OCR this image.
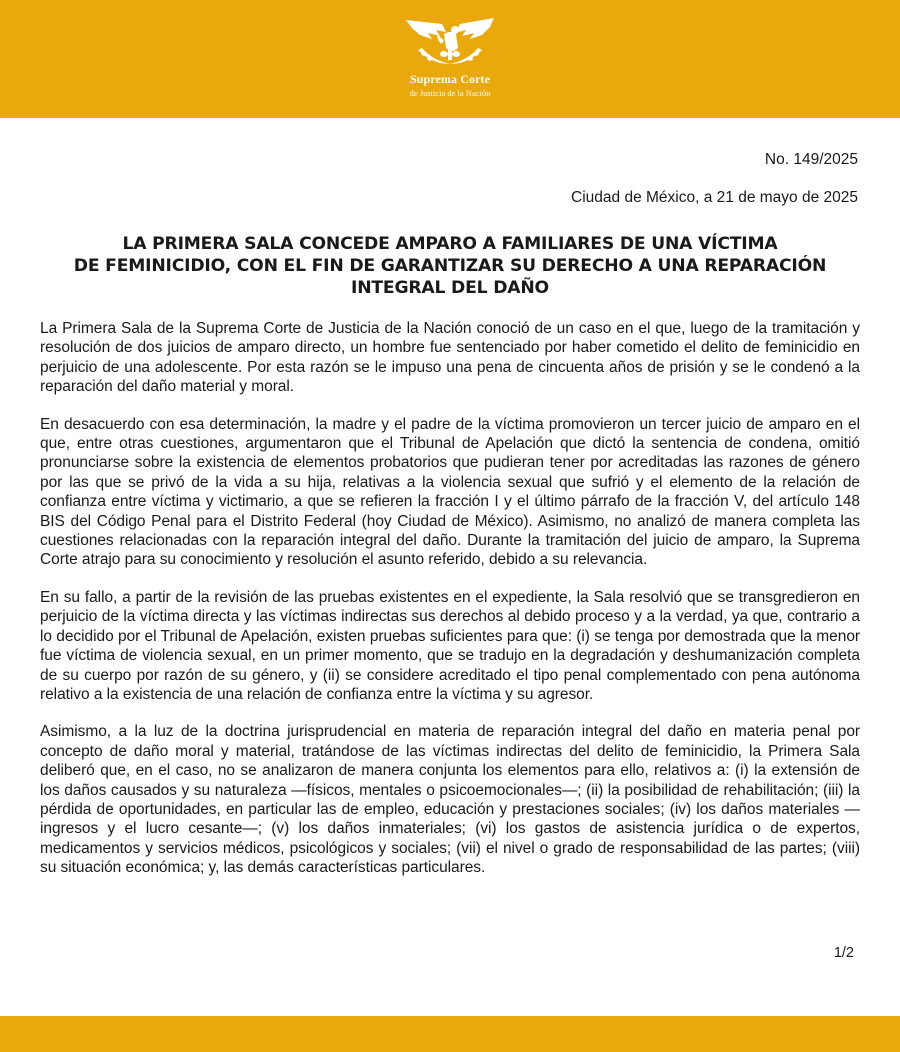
Suprema Corte
de Justicia de la Nación
No. 149/2025
Ciudad de México, a 21 de mayo de 2025
LA PRIMERA SALA CONCEDE AMPARO A FAMILIARES DE UNA VÍCTIMA
DE FEMINICIDIO, CON EL FIN DE GARANTIZAR SU DERECHO A UNA REPARACIÓN
INTEGRAL DEL DAÑO

La Primera Sala de la Suprema Corte de Justicia de la Nación conoció de un caso en el que, luego de la tramitación y resolución de dos juicios de amparo directo, un hombre fue sentenciado por haber cometido el delito de feminicidio en perjuicio de una adolescente. Por esta razón se le impuso una pena de cincuenta años de prisión y se le condenó a la reparación del daño material y moral.

En desacuerdo con esa determinación, la madre y el padre de la víctima promovieron un tercer juicio de amparo en el que, entre otras cuestiones, argumentaron que el Tribunal de Apelación que dictó la sentencia de condena, omitió pronunciarse sobre la existencia de elementos probatorios que pudieran tener por acreditadas las razones de género por las que se privó de la vida a su hija, relativas a la violencia sexual que sufrió y el elemento de la relación de confianza entre víctima y victimario, a que se refieren la fracción I y el último párrafo de la fracción V, del artículo 148 BIS del Código Penal para el Distrito Federal (hoy Ciudad de México). Asimismo, no analizó de manera completa las cuestiones relacionadas con la reparación integral del daño. Durante la tramitación del juicio de amparo, la Suprema Corte atrajo para su conocimiento y resolución el asunto referido, debido a su relevancia.

En su fallo, a partir de la revisión de las pruebas existentes en el expediente, la Sala resolvió que se transgredieron en perjuicio de la víctima directa y las víctimas indirectas sus derechos al debido proceso y a la verdad, ya que, contrario a lo decidido por el Tribunal de Apelación, existen pruebas suficientes para que: (i) se tenga por demostrada que la menor fue víctima de violencia sexual, en un primer momento, que se tradujo en la degradación y deshumanización completa de su cuerpo por razón de su género, y (ii) se considere acreditado el tipo penal complementado con pena autónoma relativo a la existencia de una relación de confianza entre la víctima y su agresor.

Asimismo, a la luz de la doctrina jurisprudencial en materia de reparación integral del daño en materia penal por concepto de daño moral y material, tratándose de las víctimas indirectas del delito de feminicidio, la Primera Sala deliberó que, en el caso, no se analizaron de manera conjunta los elementos para ello, relativos a: (i) la extensión de los daños causados y su naturaleza —físicos, mentales o psicoemocionales—; (ii) la posibilidad de rehabilitación; (iii) la pérdida de oportunidades, en particular las de empleo, educación y prestaciones sociales; (iv) los daños materiales —ingresos y el lucro cesante—; (v) los daños inmateriales; (vi) los gastos de asistencia jurídica o de expertos, medicamentos y servicios médicos, psicológicos y sociales; (vii) el nivel o grado de responsabilidad de las partes; (viii) su situación económica; y, las demás características particulares.

1/2
